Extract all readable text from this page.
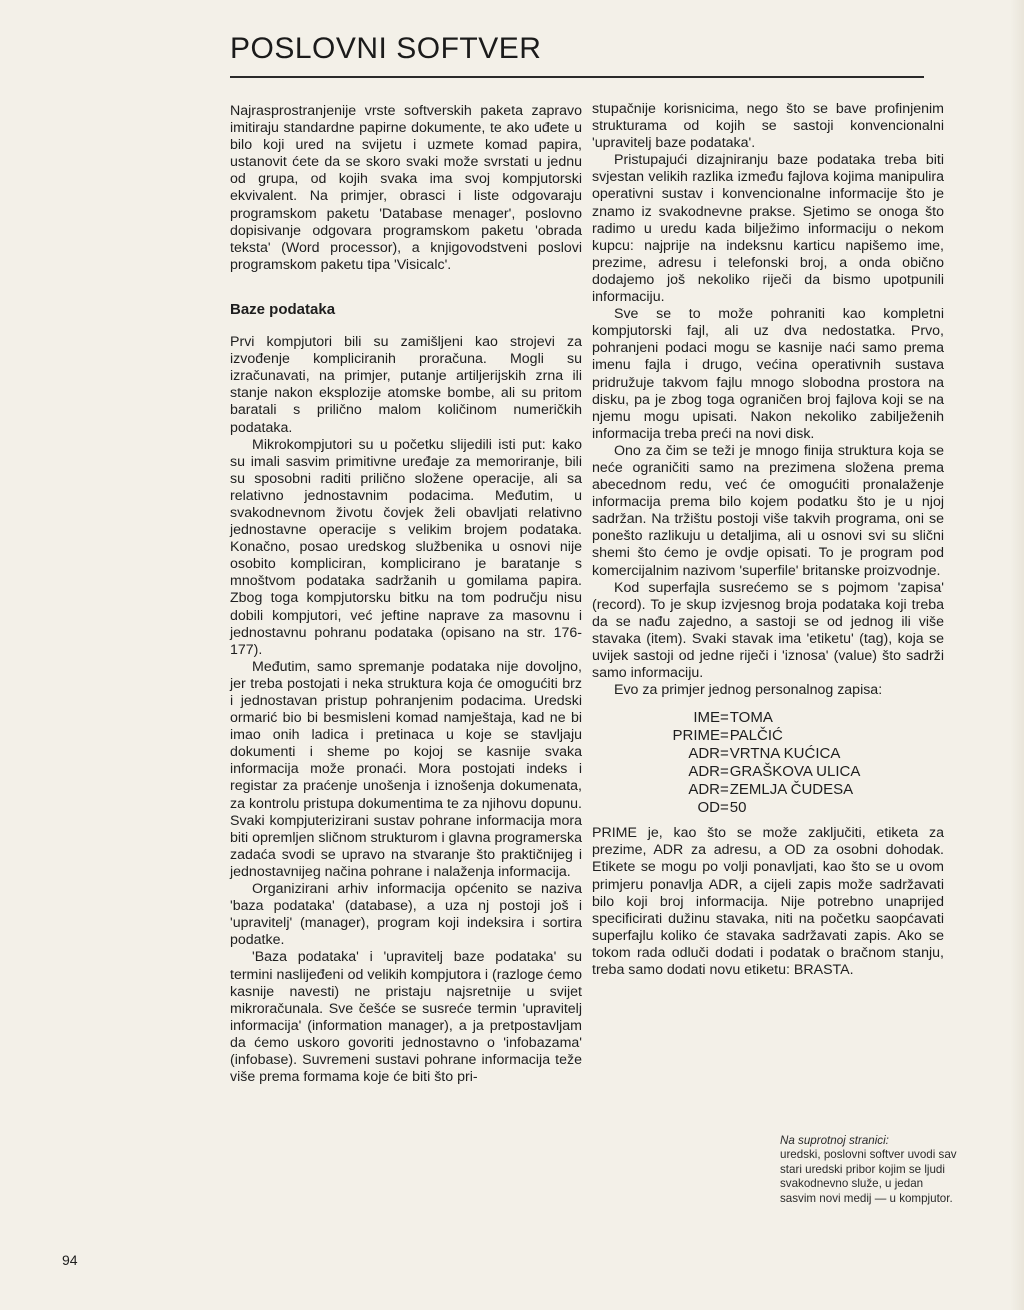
POSLOVNI SOFTVER

Najrasprostranjenije vrste softverskih paketa zapravo imitiraju standardne papirne dokumente, te ako uđete u bilo koji ured na svijetu i uzmete komad papira, ustanovit ćete da se skoro svaki može svrstati u jednu od grupa, od kojih svaka ima svoj kompjutorski ekvivalent. Na primjer, obrasci i liste odgovaraju programskom paketu 'Database menager', poslovno dopisivanje odgovara programskom paketu 'obrada teksta' (Word processor), a knjigovodstveni poslovi programskom paketu tipa 'Visicalc'.

Baze podataka

Prvi kompjutori bili su zamišljeni kao strojevi za izvođenje kompliciranih proračuna. Mogli su izračunavati, na primjer, putanje artiljerijskih zrna ili stanje nakon eksplozije atomske bombe, ali su pritom baratali s prilično malom količinom numeričkih podataka.

Mikrokompjutori su u početku slijedili isti put: kako su imali sasvim primitivne uređaje za memoriranje, bili su sposobni raditi prilično složene operacije, ali sa relativno jednostavnim podacima. Međutim, u svakodnevnom životu čovjek želi obavljati relativno jednostavne operacije s velikim brojem podataka. Konačno, posao uredskog službenika u osnovi nije osobito kompliciran, komplicirano je baratanje s mnoštvom podataka sadržanih u gomilama papira. Zbog toga kompjutorsku bitku na tom području nisu dobili kompjutori, već jeftine naprave za masovnu i jednostavnu pohranu podataka (opisano na str. 176-177).

Međutim, samo spremanje podataka nije dovoljno, jer treba postojati i neka struktura koja će omogućiti brz i jednostavan pristup pohranjenim podacima. Uredski ormarić bio bi besmisleni komad namještaja, kad ne bi imao onih ladica i pretinaca u koje se stavljaju dokumenti i sheme po kojoj se kasnije svaka informacija može pronaći. Mora postojati indeks i registar za praćenje unošenja i iznošenja dokumenata, za kontrolu pristupa dokumentima te za njihovu dopunu. Svaki kompjuterizirani sustav pohrane informacija mora biti opremljen sličnom strukturom i glavna programerska zadaća svodi se upravo na stvaranje što praktičnijeg i jednostavnijeg načina pohrane i nalaženja informacija.

Organizirani arhiv informacija općenito se naziva 'baza podataka' (database), a uza nj postoji još i 'upravitelj' (manager), program koji indeksira i sortira podatke.

'Baza podataka' i 'upravitelj baze podataka' su termini naslijeđeni od velikih kompjutora i (razloge ćemo kasnije navesti) ne pristaju najsretnije u svijet mikroračunala. Sve češće se susreće termin 'upravitelj informacija' (information manager), a ja pretpostavljam da ćemo uskoro govoriti jednostavno o 'infobazama' (infobase). Suvremeni sustavi pohrane informacija teže više prema formama koje će biti što pri-

stupačnije korisnicima, nego što se bave profinjenim strukturama od kojih se sastoji konvencionalni 'upravitelj baze podataka'.

Pristupajući dizajniranju baze podataka treba biti svjestan velikih razlika između fajlova kojima manipulira operativni sustav i konvencionalne informacije što je znamo iz svakodnevne prakse. Sjetimo se onoga što radimo u uredu kada bilježimo informaciju o nekom kupcu: najprije na indeksnu karticu napišemo ime, prezime, adresu i telefonski broj, a onda obično dodajemo još nekoliko riječi da bismo upotpunili informaciju.

Sve se to može pohraniti kao kompletni kompjutorski fajl, ali uz dva nedostatka. Prvo, pohranjeni podaci mogu se kasnije naći samo prema imenu fajla i drugo, većina operativnih sustava pridružuje takvom fajlu mnogo slobodna prostora na disku, pa je zbog toga ograničen broj fajlova koji se na njemu mogu upisati. Nakon nekoliko zabilježenih informacija treba preći na novi disk.

Ono za čim se teži je mnogo finija struktura koja se neće ograničiti samo na prezimena složena prema abecednom redu, već će omogućiti pronalaženje informacija prema bilo kojem podatku što je u njoj sadržan. Na tržištu postoji više takvih programa, oni se ponešto razlikuju u detaljima, ali u osnovi svi su slični shemi što ćemo je ovdje opisati. To je program pod komercijalnim nazivom 'superfile' britanske proizvodnje.

Kod superfajla susrećemo se s pojmom 'zapisa' (record). To je skup izvjesnog broja podataka koji treba da se nađu zajedno, a sastoji se od jednog ili više stavaka (item). Svaki stavak ima 'etiketu' (tag), koja se uvijek sastoji od jedne riječi i 'iznosa' (value) što sadrži samo informaciju.

Evo za primjer jednog personalnog zapisa:

IME = TOMA
PRIME = PALČIĆ
ADR = VRTNA KUĆICA
ADR = GRAŠKOVA ULICA
ADR = ZEMLJA ČUDESA
OD = 50

PRIME je, kao što se može zaključiti, etiketa za prezime, ADR za adresu, a OD za osobni dohodak. Etikete se mogu po volji ponavljati, kao što se u ovom primjeru ponavlja ADR, a cijeli zapis može sadržavati bilo koji broj informacija. Nije potrebno unaprijed specificirati dužinu stavaka, niti na početku saopćavati superfajlu koliko će stavaka sadržavati zapis. Ako se tokom rada odluči dodati i podatak o bračnom stanju, treba samo dodati novu etiketu: BRASTA.

Na suprotnoj stranici:
uredski, poslovni softver uvodi sav stari uredski pribor kojim se ljudi svakodnevno služe, u jedan sasvim novi medij — u kompjutor.
94
